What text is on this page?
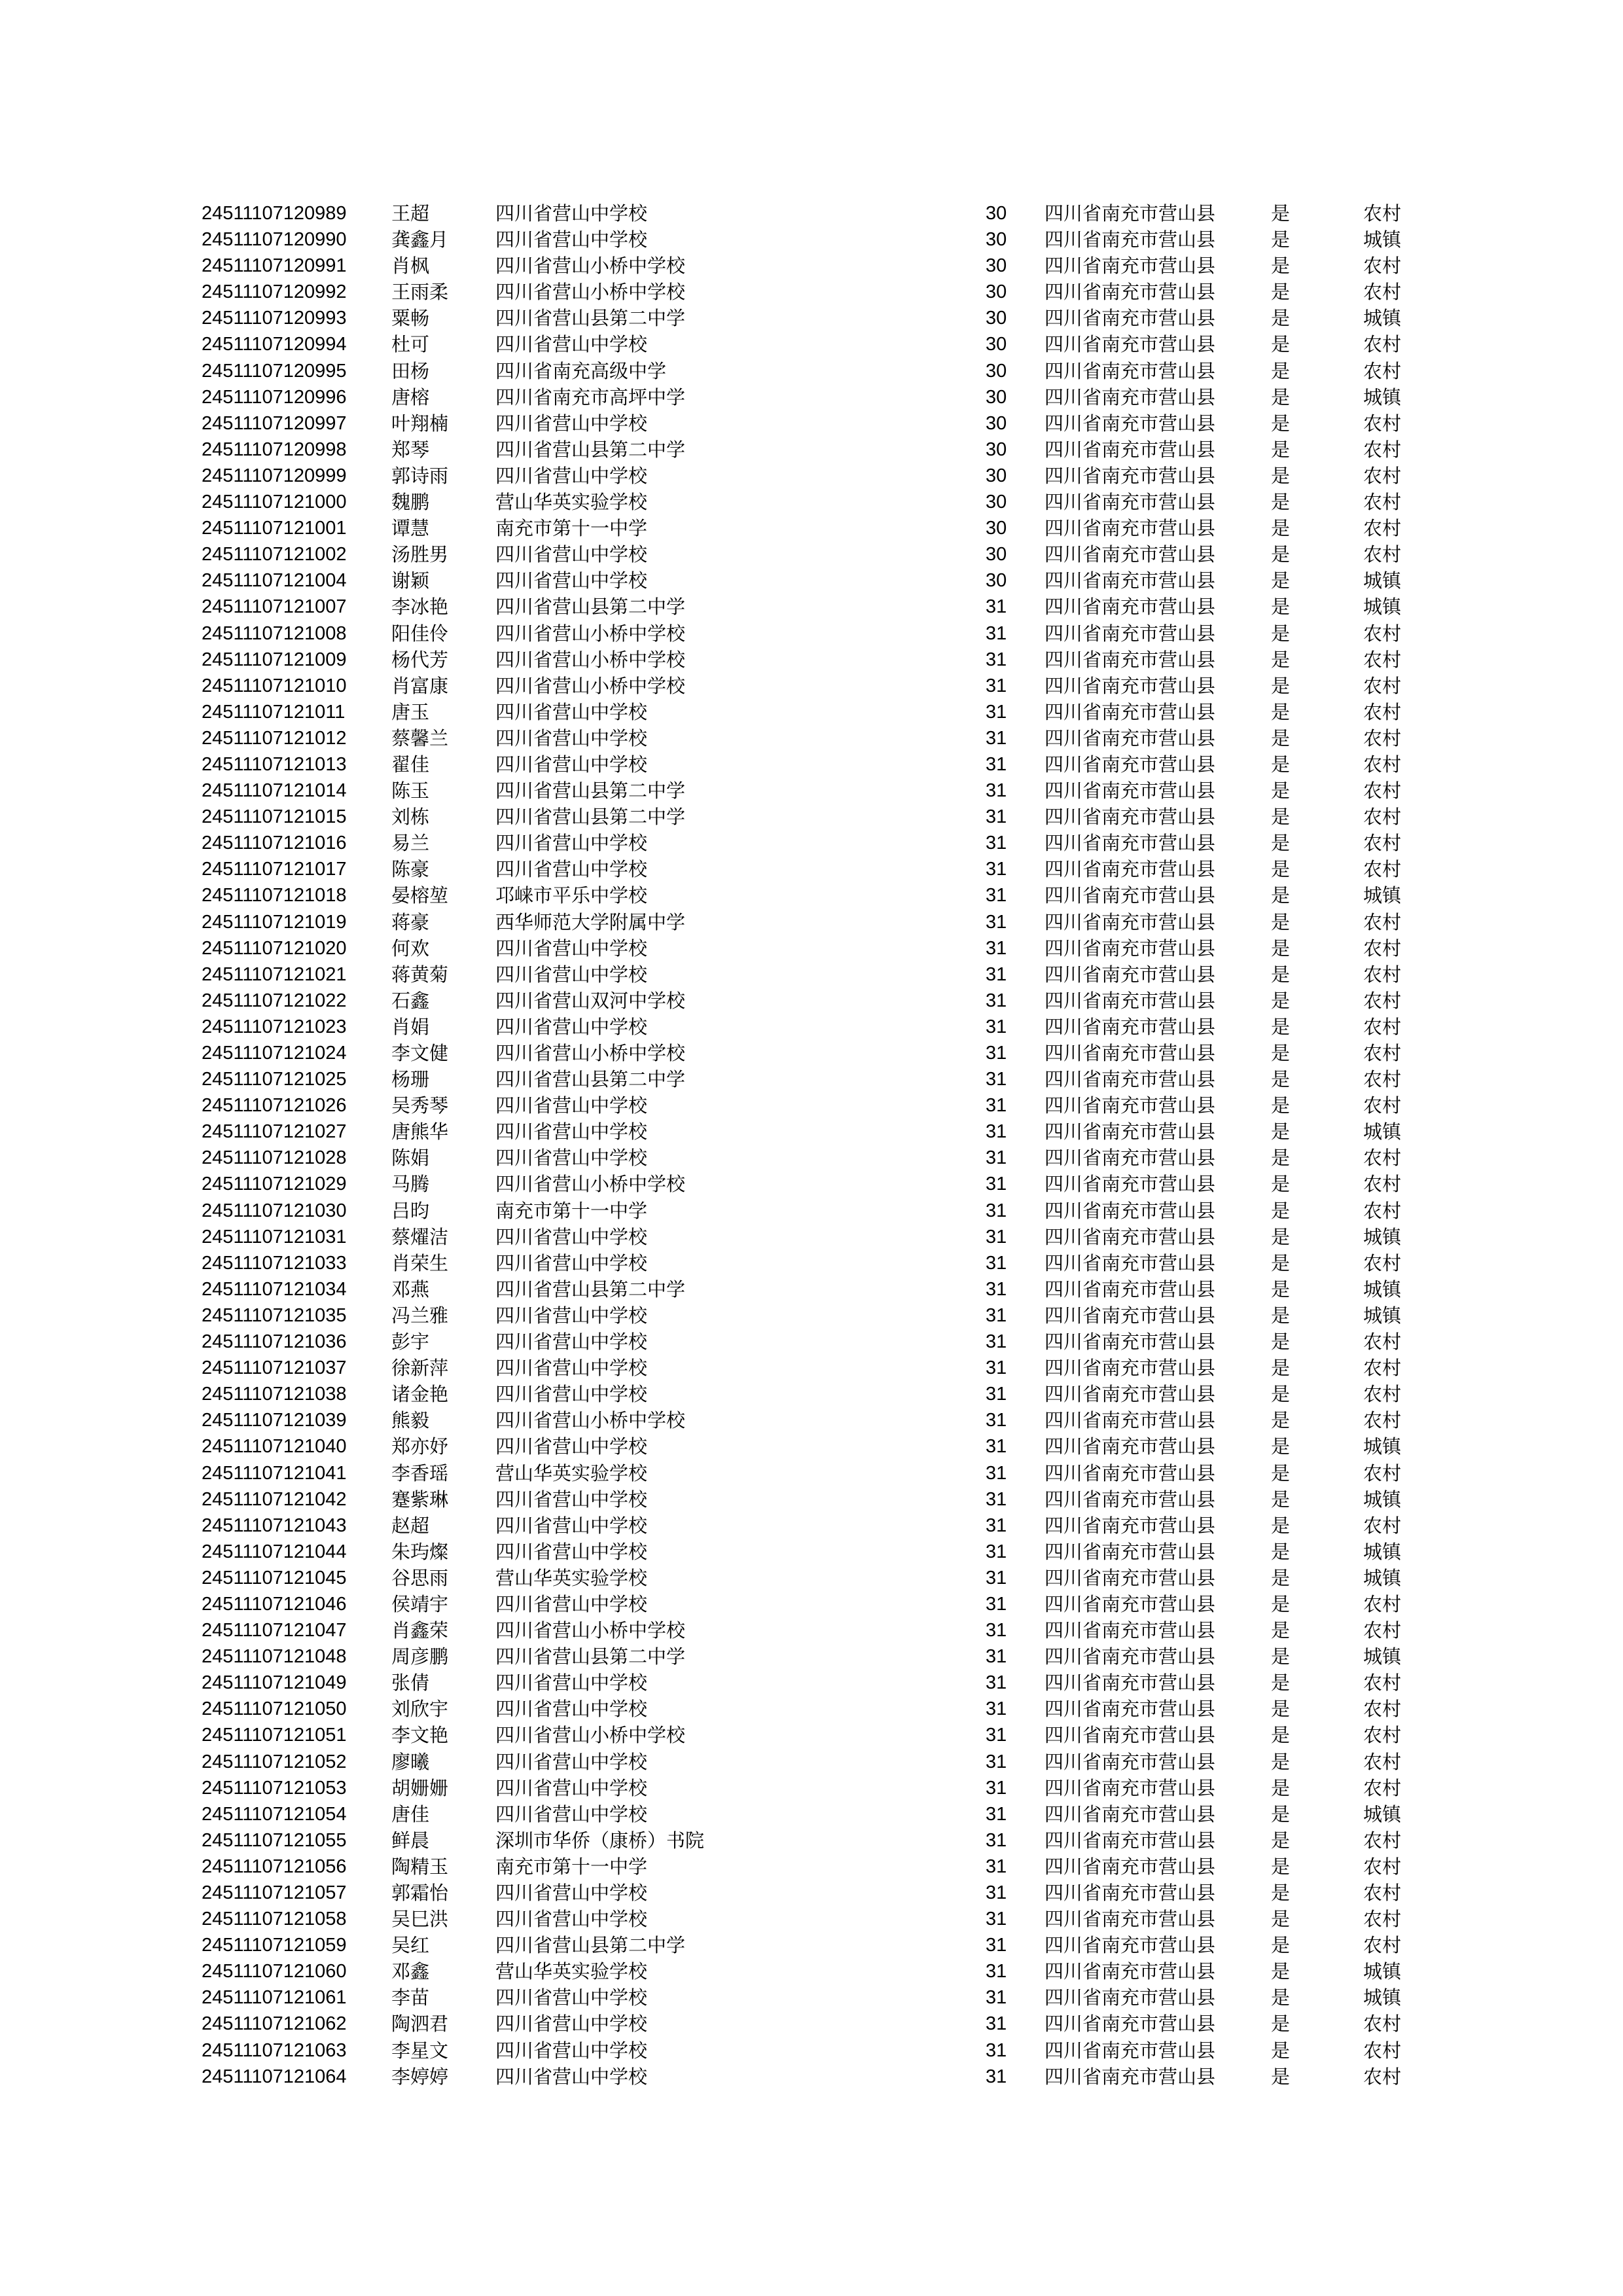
24511107120989 王超	四川省营山中学校	30 四川省南充市营山县	是	农村
24511107120990 龚鑫月 四川省营山中学校	30 四川省南充市营山县	是	城镇
24511107120991 肖枫	四川省营山小桥中学校	30 四川省南充市营山县	是	农村
24511107120992 王雨柔 四川省营山小桥中学校	30 四川省南充市营山县	是	农村
24511107120993 粟畅	四川省营山县第二中学	30 四川省南充市营山县	是	城镇
24511107120994 杜可	四川省营山中学校	30 四川省南充市营山县	是	农村
24511107120995 田杨	四川省南充高级中学	30 四川省南充市营山县	是	农村
24511107120996 唐榕	四川省南充市高坪中学	30 四川省南充市营山县	是	城镇
24511107120997 叶翔楠 四川省营山中学校	30 四川省南充市营山县	是	农村
24511107120998 郑琴	四川省营山县第二中学	30 四川省南充市营山县	是	农村
24511107120999 郭诗雨 四川省营山中学校	30 四川省南充市营山县	是	农村
24511107121000 魏鹏	营山华英实验学校	30 四川省南充市营山县	是	农村
24511107121001 谭慧	南充市第十一中学	30 四川省南充市营山县	是	农村
24511107121002 汤胜男 四川省营山中学校	30 四川省南充市营山县	是	农村
24511107121004 谢颖	四川省营山中学校	30 四川省南充市营山县	是	城镇
24511107121007 李冰艳 四川省营山县第二中学	31 四川省南充市营山县	是	城镇
24511107121008 阳佳伶 四川省营山小桥中学校	31 四川省南充市营山县	是	农村
24511107121009 杨代芳 四川省营山小桥中学校	31 四川省南充市营山县	是	农村
24511107121010 肖富康 四川省营山小桥中学校	31 四川省南充市营山县	是	农村
24511107121011 唐玉	四川省营山中学校	31 四川省南充市营山县	是	农村
24511107121012 蔡馨兰 四川省营山中学校	31 四川省南充市营山县	是	农村
24511107121013 翟佳	四川省营山中学校	31 四川省南充市营山县	是	农村
24511107121014 陈玉	四川省营山县第二中学	31 四川省南充市营山县	是	农村
24511107121015 刘栋	四川省营山县第二中学	31 四川省南充市营山县	是	农村
24511107121016 易兰	四川省营山中学校	31 四川省南充市营山县	是	农村
24511107121017 陈豪	四川省营山中学校	31 四川省南充市营山县	是	农村
24511107121018 晏榕堃 邛崃市平乐中学校	31 四川省南充市营山县	是	城镇
24511107121019 蒋豪	西华师范大学附属中学	31 四川省南充市营山县	是	农村
24511107121020 何欢	四川省营山中学校	31 四川省南充市营山县	是	农村
24511107121021 蒋黄菊 四川省营山中学校	31 四川省南充市营山县	是	农村
24511107121022 石鑫	四川省营山双河中学校	31 四川省南充市营山县	是	农村
24511107121023 肖娟	四川省营山中学校	31 四川省南充市营山县	是	农村
24511107121024 李文健 四川省营山小桥中学校	31 四川省南充市营山县	是	农村
24511107121025 杨珊	四川省营山县第二中学	31 四川省南充市营山县	是	农村
24511107121026 吴秀琴 四川省营山中学校	31 四川省南充市营山县	是	农村
24511107121027 唐熊华 四川省营山中学校	31 四川省南充市营山县	是	城镇
24511107121028 陈娟	四川省营山中学校	31 四川省南充市营山县	是	农村
24511107121029 马腾	四川省营山小桥中学校	31 四川省南充市营山县	是	农村
24511107121030 吕昀	南充市第十一中学	31 四川省南充市营山县	是	农村
24511107121031 蔡燿洁 四川省营山中学校	31 四川省南充市营山县	是	城镇
24511107121033 肖荣生 四川省营山中学校	31 四川省南充市营山县	是	农村
24511107121034 邓燕	四川省营山县第二中学	31 四川省南充市营山县	是	城镇
24511107121035 冯兰雅 四川省营山中学校	31 四川省南充市营山县	是	城镇
24511107121036 彭宇	四川省营山中学校	31 四川省南充市营山县	是	农村
24511107121037 徐新萍 四川省营山中学校	31 四川省南充市营山县	是	农村
24511107121038 诸金艳 四川省营山中学校	31 四川省南充市营山县	是	农村
24511107121039 熊毅	四川省营山小桥中学校	31 四川省南充市营山县	是	农村
24511107121040 郑亦妤 四川省营山中学校	31 四川省南充市营山县	是	城镇
24511107121041 李香瑶 营山华英实验学校	31 四川省南充市营山县	是	农村
24511107121042 蹇紫琳 四川省营山中学校	31 四川省南充市营山县	是	城镇
24511107121043 赵超	四川省营山中学校	31 四川省南充市营山县	是	农村
24511107121044 朱玙燦 四川省营山中学校	31 四川省南充市营山县	是	城镇
24511107121045 谷思雨 营山华英实验学校	31 四川省南充市营山县	是	城镇
24511107121046 侯靖宇 四川省营山中学校	31 四川省南充市营山县	是	农村
24511107121047 肖鑫荣 四川省营山小桥中学校	31 四川省南充市营山县	是	农村
24511107121048 周彦鹏 四川省营山县第二中学	31 四川省南充市营山县	是	城镇
24511107121049 张倩	四川省营山中学校	31 四川省南充市营山县	是	农村
24511107121050 刘欣宇 四川省营山中学校	31 四川省南充市营山县	是	农村
24511107121051 李文艳 四川省营山小桥中学校	31 四川省南充市营山县	是	农村
24511107121052 廖曦	四川省营山中学校	31 四川省南充市营山县	是	农村
24511107121053 胡姗姗 四川省营山中学校	31 四川省南充市营山县	是	农村
24511107121054 唐佳	四川省营山中学校	31 四川省南充市营山县	是	城镇
24511107121055 鲜晨	深圳市华侨（康桥）书院	31 四川省南充市营山县	是	农村
24511107121056 陶精玉 南充市第十一中学	31 四川省南充市营山县	是	农村
24511107121057 郭霜怡 四川省营山中学校	31 四川省南充市营山县	是	农村
24511107121058 吴巳洪 四川省营山中学校	31 四川省南充市营山县	是	农村
24511107121059 吴红	四川省营山县第二中学	31 四川省南充市营山县	是	农村
24511107121060 邓鑫	营山华英实验学校	31 四川省南充市营山县	是	城镇
24511107121061 李苗	四川省营山中学校	31 四川省南充市营山县	是	城镇
24511107121062 陶泗君 四川省营山中学校	31 四川省南充市营山县	是	农村
24511107121063 李星文 四川省营山中学校	31 四川省南充市营山县	是	农村
24511107121064 李婷婷 四川省营山中学校	31 四川省南充市营山县	是	农村
